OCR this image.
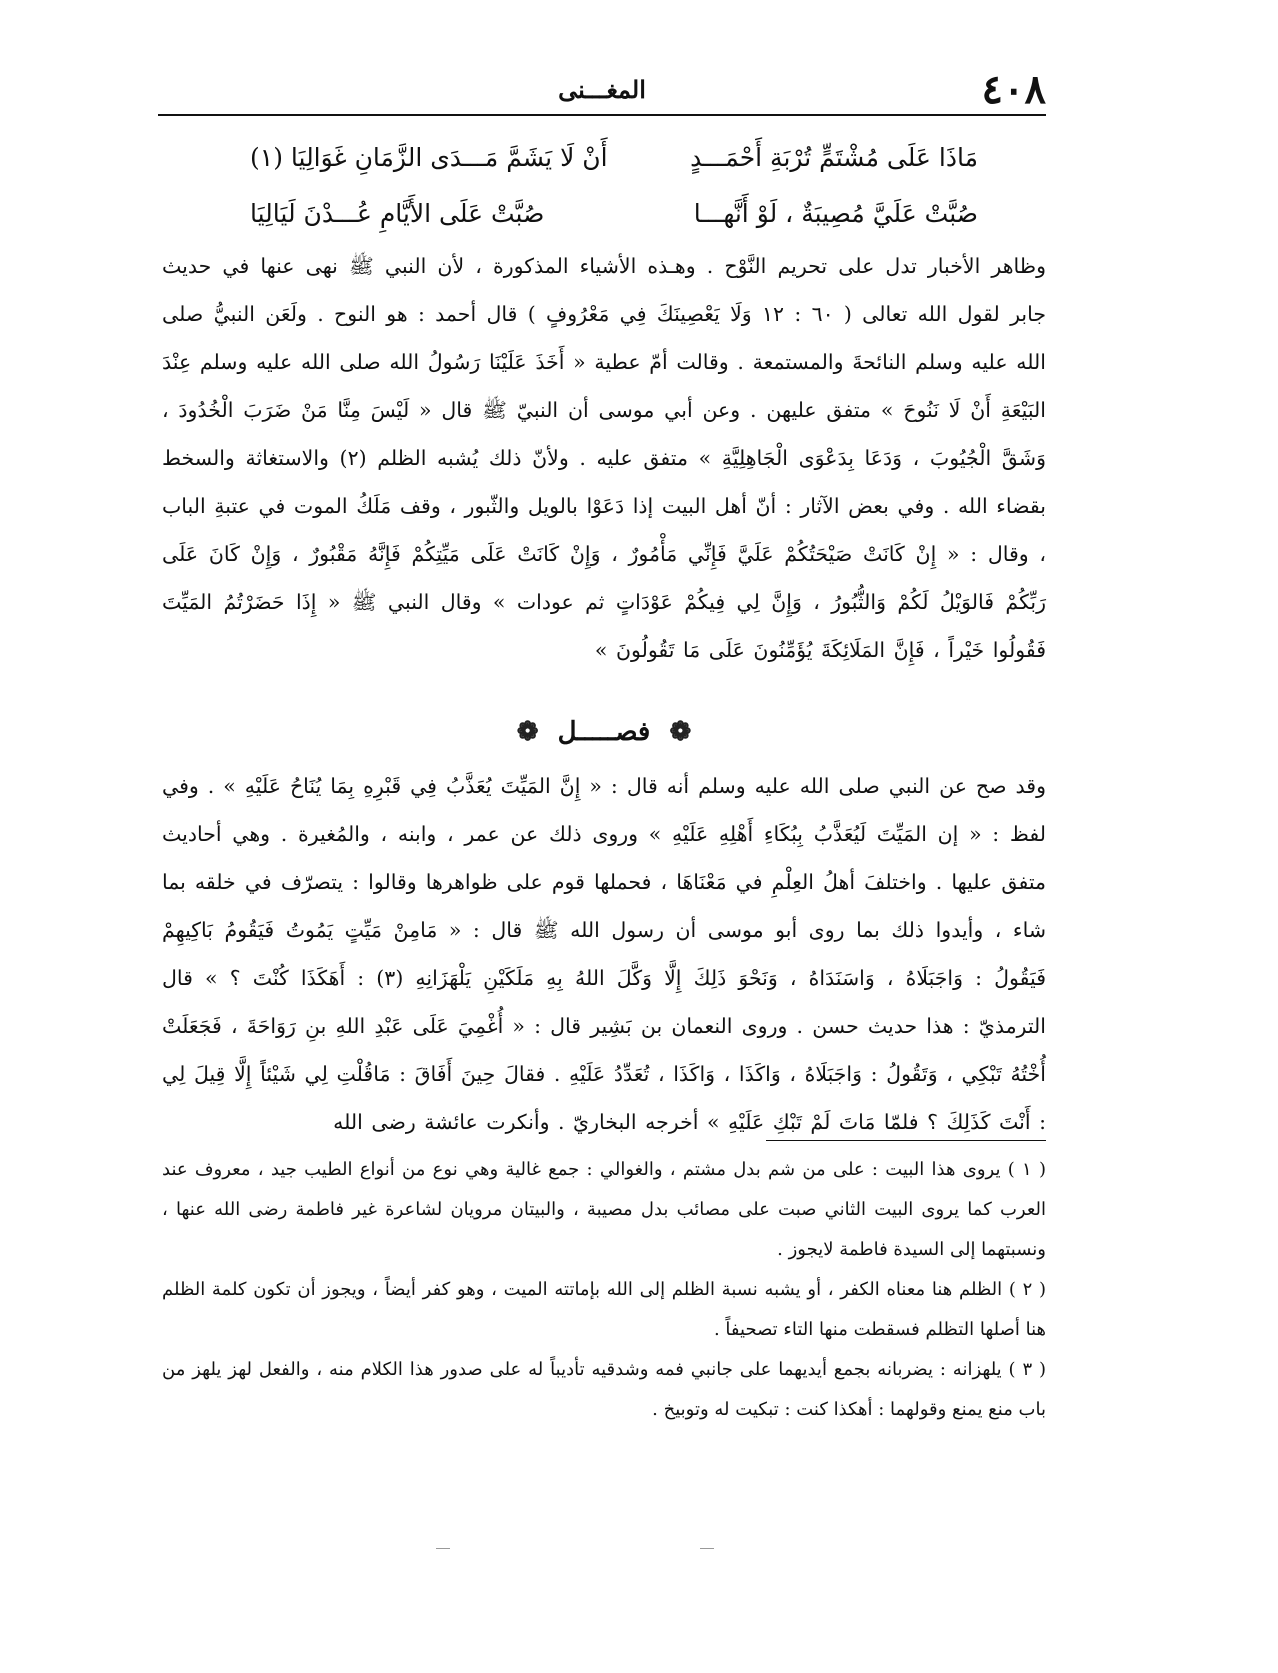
٤٠٨
المغـــنى
مَاذَا عَلَى مُشْتَمٍّ تُرْبَةِ أَحْمَـــدٍ
أَنْ لَا يَشَمَّ مَـــدَى الزَّمَانِ غَوَالِيَا (١)
صُبَّتْ عَلَيَّ مُصِيبَةٌ ، لَوْ أَنَّهـــا
صُبَّتْ عَلَى الأَيَّامِ عُـــدْنَ لَيَالِيَا

وظاهر الأخبار تدل على تحريم النَّوْح . وهـذه الأشياء المذكورة ، لأن النبي ﷺ نهى عنها في حديث جابر لقول الله تعالى ( ٦٠ : ١٢ وَلَا يَعْصِينَكَ فِي مَعْرُوفٍ ) قال أحمد : هو النوح . ولَعَن النبيُّ صلى الله عليه وسلم النائحةَ والمستمعة . وقالت أمّ عطية « أَخَذَ عَلَيْنَا رَسُولُ الله صلى الله عليه وسلم عِنْدَ البَيْعَةِ أَنْ لَا نَنُوحَ » متفق عليهن . وعن أبي موسى أن النبيّ ﷺ قال « لَيْسَ مِنَّا مَنْ ضَرَبَ الْخُدُودَ ، وَشَقَّ الْجُيُوبَ ، وَدَعَا بِدَعْوَى الْجَاهِلِيَّةِ » متفق عليه . ولأنّ ذلك يُشبه الظلم (٢) والاستغاثة والسخط بقضاء الله . وفي بعض الآثار : أنّ أهل البيت إذا دَعَوْا بالويل والثّبور ، وقف مَلَكُ الموت في عتبةِ الباب ، وقال : « إِنْ كَانَتْ صَيْحَتُكُمْ عَلَيَّ فَإِنِّي مَأْمُورٌ ، وَإِنْ كَانَتْ عَلَى مَيِّتِكُمْ فَإِنَّهُ مَقْبُورٌ ، وَإِنْ كَانَ عَلَى رَبِّكُمْ فَالوَيْلُ لَكُمْ وَالثُّبُورُ ، وَإِنَّ لِي فِيكُمْ عَوْدَاتٍ ثم عودات » وقال النبي ﷺ « إِذَا حَضَرْتُمُ المَيِّتَ فَقُولُوا خَيْراً ، فَإِنَّ المَلَائِكَةَ يُؤَمِّنُونَ عَلَى مَا تَقُولُونَ »

❁ فصـــــل ❁

وقد صح عن النبي صلى الله عليه وسلم أنه قال : « إِنَّ المَيِّتَ يُعَذَّبُ فِي قَبْرِهِ بِمَا يُنَاحُ عَلَيْهِ » . وفي لفظ : « إن المَيِّتَ لَيُعَذَّبُ بِبُكَاءِ أَهْلِهِ عَلَيْهِ » وروى ذلك عن عمر ، وابنه ، والمُغيرة . وهي أحاديث متفق عليها . واختلفَ أهلُ العِلْمِ في مَعْنَاهَا ، فحملها قوم على ظواهرها وقالوا : يتصرّف في خلقه بما شاء ، وأيدوا ذلك بما روى أبو موسى أن رسول الله ﷺ قال : « مَامِنْ مَيِّتٍ يَمُوتُ فَيَقُومُ بَاكِيهِمْ فَيَقُولُ : وَاجَبَلَاهُ ، وَاسَنَدَاهُ ، وَنَحْوَ ذَلِكَ إِلَّا وَكَّلَ اللهُ بِهِ مَلَكَيْنِ يَلْهَزَانِهِ (٣) : أَهَكَذَا كُنْتَ ؟ » قال الترمذيّ : هذا حديث حسن . وروى النعمان بن بَشِير قال : « أُغْمِيَ عَلَى عَبْدِ اللهِ بنِ رَوَاحَةَ ، فَجَعَلَتْ أُخْتُهُ تَبْكِي ، وَتَقُولُ : وَاجَبَلَاهُ ، وَاكَذَا ، وَاكَذَا ، تُعَدِّدُ عَلَيْهِ . فقالَ حِينَ أَفَاقَ : مَاقُلْتِ لِي شَيْئاً إِلَّا قِيلَ لِي : أَنْتَ كَذَلِكَ ؟ فلمّا مَاتَ لَمْ تَبْكِ عَلَيْهِ » أخرجه البخاريّ . وأنكرت عائشة رضى الله

( ١ ) يروى هذا البيت : على من شم بدل مشتم ، والغوالي : جمع غالية وهي نوع من أنواع الطيب جيد ، معروف عند العرب كما يروى البيت الثاني صبت على مصائب بدل مصيبة ، والبيتان مرويان لشاعرة غير فاطمة رضى الله عنها ، ونسبتهما إلى السيدة فاطمة لايجوز .

( ٢ ) الظلم هنا معناه الكفر ، أو يشبه نسبة الظلم إلى الله بإماتته الميت ، وهو كفر أيضاً ، ويجوز أن تكون كلمة الظلم هنا أصلها التظلم فسقطت منها التاء تصحيفاً .

( ٣ ) يلهزانه : يضربانه بجمع أيديهما على جانبي فمه وشدقيه تأديباً له على صدور هذا الكلام منه ، والفعل لهز يلهز من باب منع يمنع وقولهما : أهكذا كنت : تبكيت له وتوبيخ .
